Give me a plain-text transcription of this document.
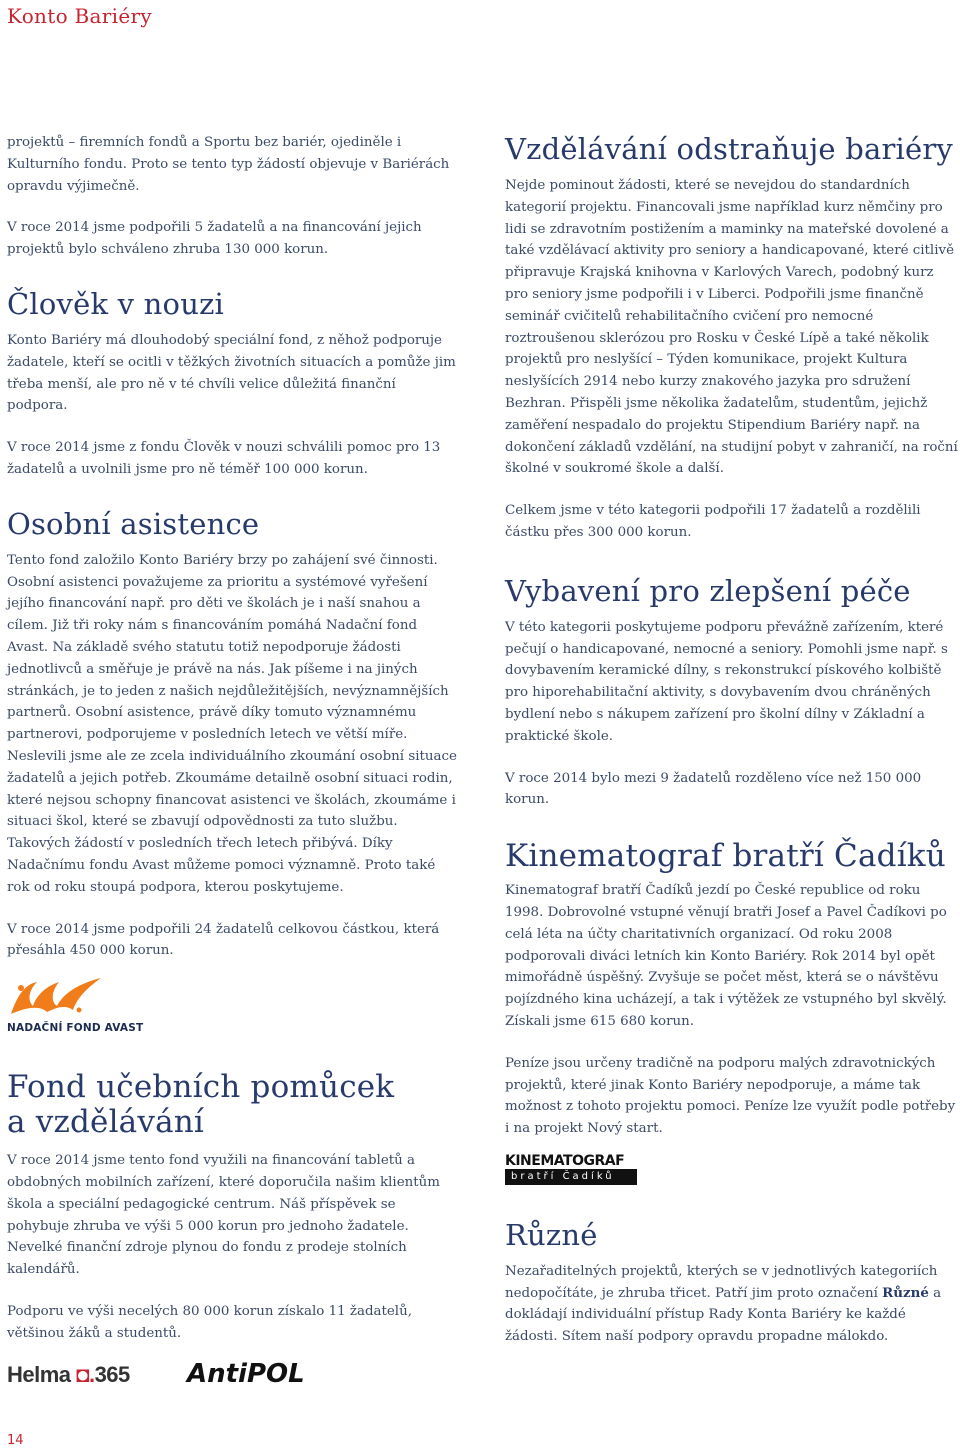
Konto Bariéry

projektů – firemních fondů a Sportu bez bariér, ojediněle i Kulturního fondu. Proto se tento typ žádostí objevuje v Bariérách opravdu výjimečně.

V roce 2014 jsme podpořili 5 žadatelů a na financování jejich projektů bylo schváleno zhruba 130 000 korun.

Člověk v nouzi

Konto Bariéry má dlouhodobý speciální fond, z něhož podporuje žadatele, kteří se ocitli v těžkých životních situacích a pomůže jim třeba menší, ale pro ně v té chvíli velice důležitá finanční podpora.

V roce 2014 jsme z fondu Člověk v nouzi schválili pomoc pro 13 žadatelů a uvolnili jsme pro ně téměř 100 000 korun.

Osobní asistence

Tento fond založilo Konto Bariéry brzy po zahájení své činnosti. Osobní asistenci považujeme za prioritu a systémové vyřešení jejího financování např. pro děti ve školách je i naší snahou a cílem. Již tři roky nám s financováním pomáhá Nadační fond Avast. Na základě svého statutu totiž nepodporuje žádosti jednotlivců a směřuje je právě na nás. Jak píšeme i na jiných stránkách, je to jeden z našich nejdůležitějších, nevýznamnějších partnerů. Osobní asistence, právě díky tomuto významnému partnerovi, podporujeme v posledních letech ve větší míře. Neslevili jsme ale ze zcela individuálního zkoumání osobní situace žadatelů a jejich potřeb. Zkoumáme detailně osobní situaci rodin, které nejsou schopny financovat asistenci ve školách, zkoumáme i situaci škol, které se zbavují odpovědnosti za tuto službu. Takových žádostí v posledních třech letech přibývá. Díky Nadačnímu fondu Avast můžeme pomoci významně. Proto také rok od roku stoupá podpora, kterou poskytujeme.

V roce 2014 jsme podpořili 24 žadatelů celkovou částkou, která přesáhla 450 000 korun.

NADAČNÍ FOND AVAST
Fond učebních pomůcek
a vzdělávání

V roce 2014 jsme tento fond využili na financování tabletů a obdobných mobilních zařízení, které doporučila našim klientům škola a speciální pedagogické centrum. Náš příspěvek se pohybuje zhruba ve výši 5 000 korun pro jednoho žadatele. Nevelké finanční zdroje plynou do fondu z prodeje stolních kalendářů.

Podporu ve výši necelých 80 000 korun získalo 11 žadatelů, většinou žáků a studentů.

Helma ◘.365 AntiPOL
Vzdělávání odstraňuje bariéry

Nejde pominout žádosti, které se nevejdou do standardních kategorií projektu. Financovali jsme například kurz němčiny pro lidi se zdravotním postižením a maminky na mateřské dovolené a také vzdělávací aktivity pro seniory a handicapované, které citlivě připravuje Krajská knihovna v Karlových Varech, podobný kurz pro seniory jsme podpořili i v Liberci. Podpořili jsme finančně seminář cvičitelů rehabilitačního cvičení pro nemocné roztroušenou sklerózou pro Rosku v České Lípě a také několik projektů pro neslyšící – Týden komunikace, projekt Kultura neslyšících 2914 nebo kurzy znakového jazyka pro sdružení Bezhran. Přispěli jsme několika žadatelům, studentům, jejichž zaměření nespadalo do projektu Stipendium Bariéry např. na dokončení základů vzdělání, na studijní pobyt v zahraničí, na roční školné v soukromé škole a další.

Celkem jsme v této kategorii podpořili 17 žadatelů a rozdělili částku přes 300 000 korun.

Vybavení pro zlepšení péče

V této kategorii poskytujeme podporu převážně zařízením, které pečují o handicapované, nemocné a seniory. Pomohli jsme např. s dovybavením keramické dílny, s rekonstrukcí pískového kolbiště pro hiporehabilitační aktivity, s dovybavením dvou chráněných bydlení nebo s nákupem zařízení pro školní dílny v Základní a praktické škole.

V roce 2014 bylo mezi 9 žadatelů rozděleno více než 150 000 korun.

Kinematograf bratří Čadíků

Kinematograf bratří Čadíků jezdí po České republice od roku 1998. Dobrovolné vstupné věnují bratři Josef a Pavel Čadíkovi po celá léta na účty charitativních organizací. Od roku 2008 podporovali diváci letních kin Konto Bariéry. Rok 2014 byl opět mimořádně úspěšný. Zvyšuje se počet měst, která se o návštěvu pojízdného kina ucházejí, a tak i výtěžek ze vstupného byl skvělý. Získali jsme 615 680 korun.

Peníze jsou určeny tradičně na podporu malých zdravotnických projektů, které jinak Konto Bariéry nepodporuje, a máme tak možnost z tohoto projektu pomoci. Peníze lze využít podle potřeby i na projekt Nový start.

KINEMATOGRAF
bratří Čadíků
Různé

Nezařaditelných projektů, kterých se v jednotlivých kategoriích nedopočítáte, je zhruba třicet. Patří jim proto označení Různé a dokládají individuální přístup Rady Konta Bariéry ke každé žádosti. Sítem naší podpory opravdu propadne málokdo.

14
